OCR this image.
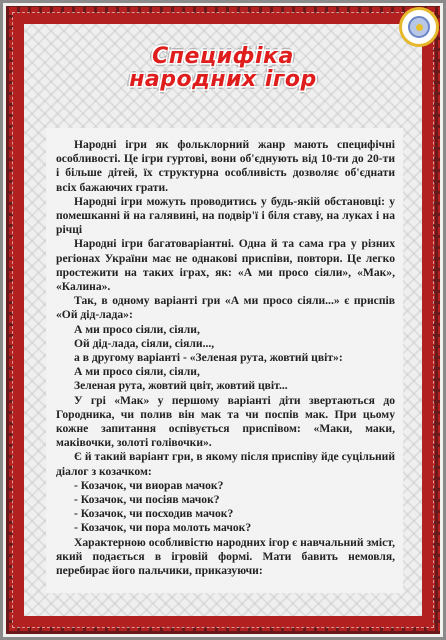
Специфіка
народних ігор

Народні ігри як фольклорний жанр мають специфічні особливості. Це ігри гуртові, вони об'єднують від 10-ти до 20-ти і більше дітей, їх структурна особливість дозволяє об'єднати всіх бажаючих грати.

Народні ігри можуть проводитись у будь-якій обстановці: у помешканні й на галявині, на подвір'ї і біля ставу, на луках і на річці

Народні ігри багатоваріантні. Одна й та сама гра у різних регіонах України має не однакові приспіви, повтори. Це легко простежити на таких іграх, як: «А ми просо сіяли», «Мак», «Калина».

Так, в одному варіанті гри «А ми просо сіяли...» є приспів «Ой дід-лада»:

А ми просо сіяли, сіяли,

Ой дід-лада, сіяли, сіяли...,

а в другому варіанті - «Зеленая рута, жовтий цвіт»:

А ми просо сіяли, сіяли,

Зеленая рута, жовтий цвіт, жовтий цвіт...

У грі «Мак» у першому варіанті діти звертаються до Городника, чи полив він мак та чи поспів мак. При цьому кожне запитання оспівується приспівом: «Маки, маки, маківочки, золоті голівочки».

Є й такий варіант гри, в якому після приспіву йде суцільний діалог з козачком:

- Козачок, чи виорав мачок?

- Козачок, чи посіяв мачок?

- Козачок, чи посходив мачок?

- Козачок, чи пора молоть мачок?

Характерною особливістю народних ігор є навчальний зміст, який подається в ігровій формі. Мати бавить немовля, перебирає його пальчики, приказуючи:
